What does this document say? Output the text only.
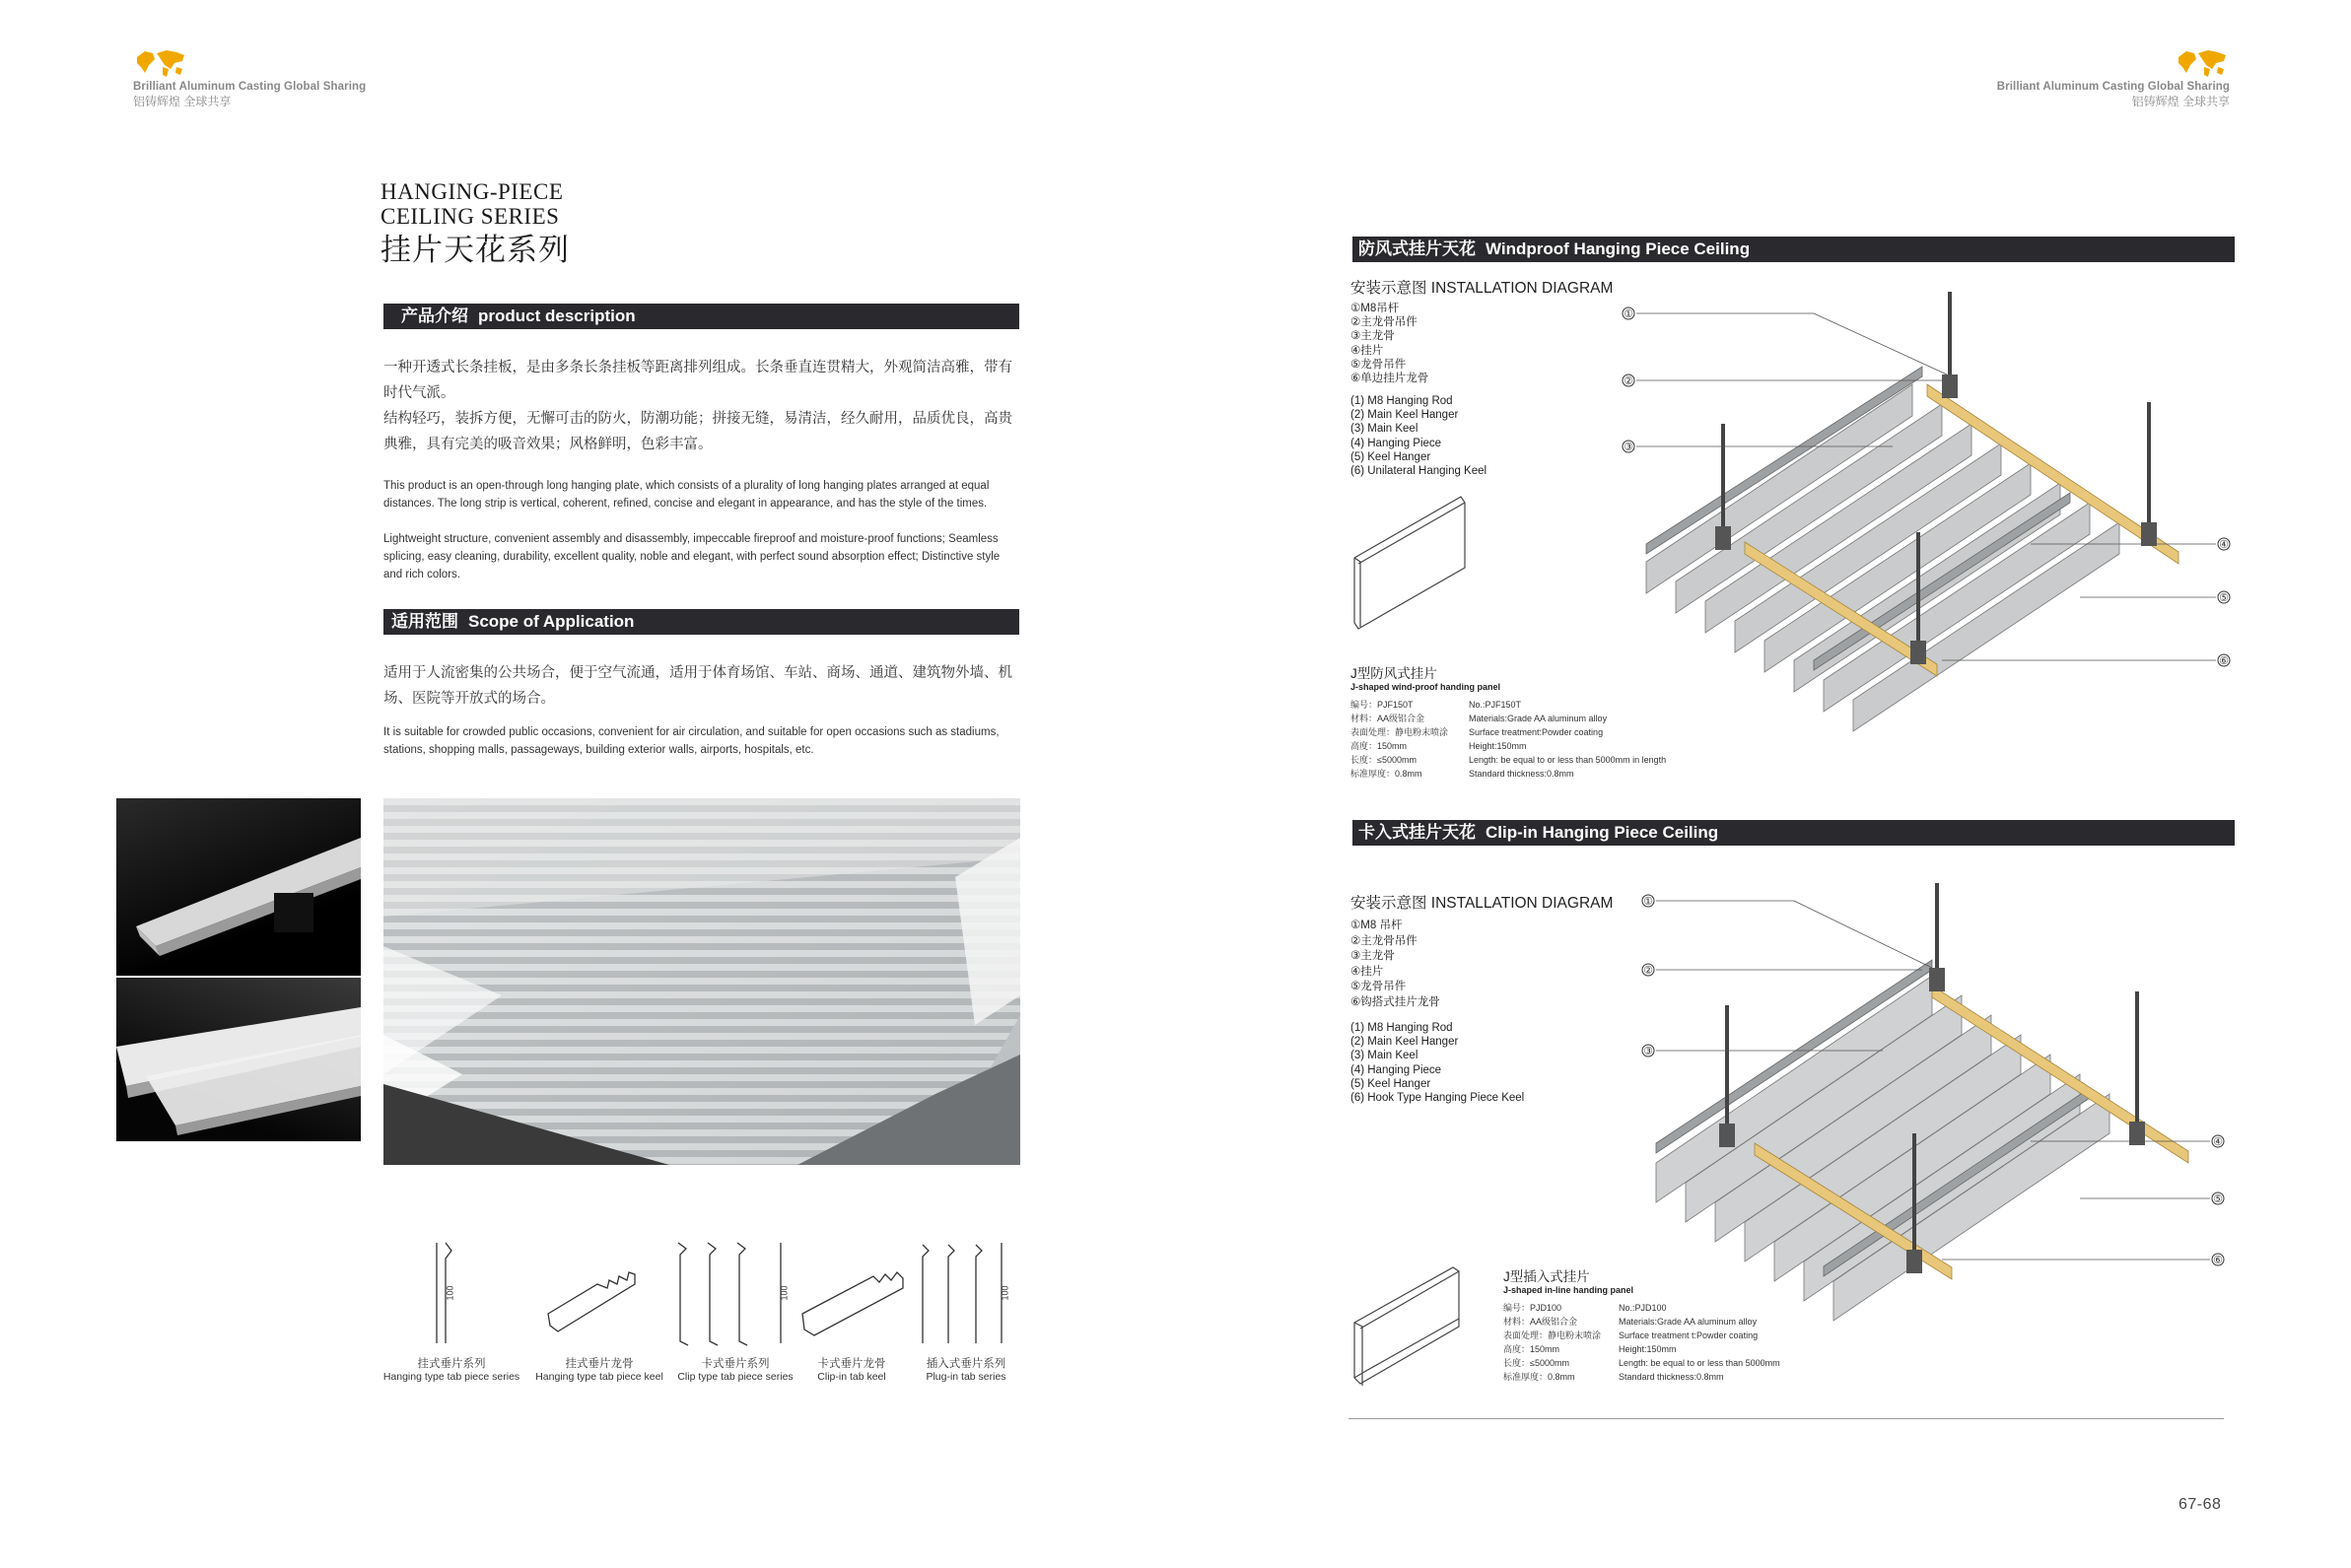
Brilliant Aluminum Casting Global Sharing
铝铸辉煌 全球共享
HANGING-PIECE
CEILING SERIES
挂片天花系列
产品介绍 product description
一种开透式长条挂板，是由多条长条挂板等距离排列组成。长条垂直连贯精大，外观简洁高雅，带有时代气派。
结构轻巧，装拆方便，无懈可击的防火，防潮功能；拼接无缝，易清洁，经久耐用，品质优良，高贵典雅，具有完美的吸音效果；风格鲜明，色彩丰富。
This product is an open-through long hanging plate, which consists of a plurality of long hanging plates arranged at equal distances. The long strip is vertical, coherent, refined, concise and elegant in appearance, and has the style of the times.
Lightweight structure, convenient assembly and disassembly, impeccable fireproof and moisture-proof functions; Seamless splicing, easy cleaning, durability, excellent quality, noble and elegant, with perfect sound absorption effect; Distinctive style and rich colors.
适用范围 Scope of Application
适用于人流密集的公共场合，便于空气流通，适用于体育场馆、车站、商场、通道、建筑物外墙、机场、医院等开放式的场合。
It is suitable for crowded public occasions, convenient for air circulation, and suitable for open occasions such as stadiums, stations, shopping malls, passageways, building exterior walls, airports, hospitals, etc.
100	100	100
挂式垂片系列
Hanging type tab piece series
挂式垂片龙骨
Hanging type tab piece keel
卡式垂片系列
Clip type tab piece series
卡式垂片龙骨
Clip-in tab keel
插入式垂片系列
Plug-in tab series
Brilliant Aluminum Casting Global Sharing
铝铸辉煌 全球共享
防风式挂片天花 Windproof Hanging Piece Ceiling
安装示意图 INSTALLATION DIAGRAM
①M8吊杆
②主龙骨吊件
③主龙骨
④挂片
⑤龙骨吊件
⑥单边挂片龙骨
(1) M8 Hanging Rod
(2) Main Keel Hanger
(3) Main Keel
(4) Hanging Piece
(5) Keel Hanger
(6) Unilateral Hanging Keel
J型防风式挂片
J-shaped wind-proof handing panel
编号：PJF150T
材料：AA级铝合金
表面处理：静电粉末喷涂
高度：150mm
长度：≤5000mm
标准厚度：0.8mm
No.:PJF150T
Materials:Grade AA aluminum alloy
Surface treatment:Powder coating
Height:150mm
Length: be equal to or less than 5000mm in length
Standard thickness:0.8mm
①
②
③
④
⑤
⑥
卡入式挂片天花 Clip-in Hanging Piece Ceiling
安装示意图 INSTALLATION DIAGRAM
①M8 吊杆
②主龙骨吊件
③主龙骨
④挂片
⑤龙骨吊件
⑥钩搭式挂片龙骨
(1) M8 Hanging Rod
(2) Main Keel Hanger
(3) Main Keel
(4) Hanging Piece
(5) Keel Hanger
(6) Hook Type Hanging Piece Keel
J型插入式挂片
J-shaped in-line handing panel
编号：PJD100
材料：AA级铝合金
表面处理：静电粉末喷涂
高度：150mm
长度：≤5000mm
标准厚度：0.8mm
No.:PJD100
Materials:Grade AA aluminum alloy
Surface treatment t:Powder coating
Height:150mm
Length: be equal to or less than 5000mm
Standard thickness:0.8mm
①
②
③
④
⑤
⑥
67-68
